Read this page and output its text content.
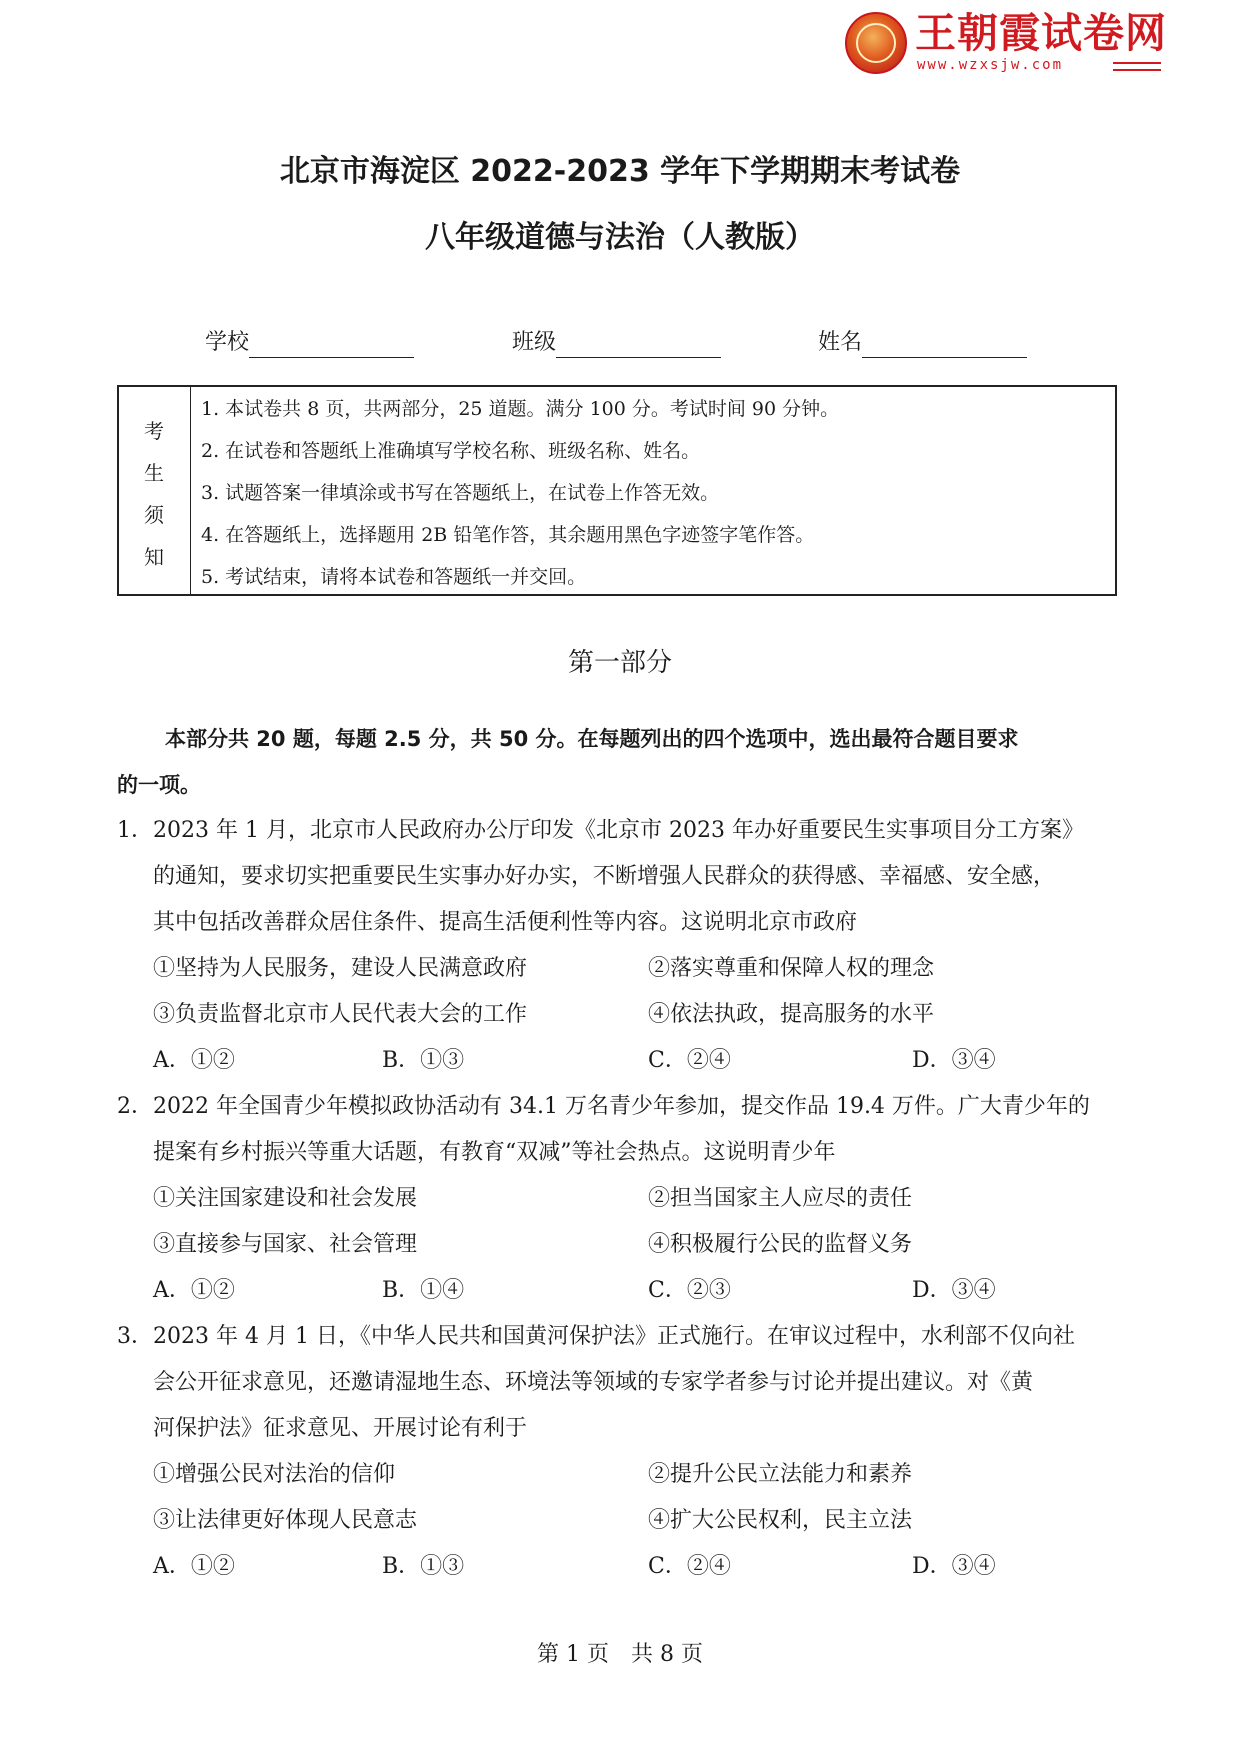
王朝霞试卷网
www.wzxsjw.com
北京市海淀区 2022-2023 学年下学期期末考试卷
八年级道德与法治（人教版）
学校	班级	姓名
考
生
须
知
1. 本试卷共 8 页，共两部分，25 道题。满分 100 分。考试时间 90 分钟。
2. 在试卷和答题纸上准确填写学校名称、班级名称、姓名。
3. 试题答案一律填涂或书写在答题纸上，在试卷上作答无效。
4. 在答题纸上，选择题用 2B 铅笔作答，其余题用黑色字迹签字笔作答。
5. 考试结束，请将本试卷和答题纸一并交回。
第一部分
本部分共 20 题，每题 2.5 分，共 50 分。在每题列出的四个选项中，选出最符合题目要求
的一项。
1． 2023 年 1 月，北京市人民政府办公厅印发《北京市 2023 年办好重要民生实事项目分工方案》
的通知，要求切实把重要民生实事办好办实，不断增强人民群众的获得感、幸福感、安全感，
其中包括改善群众居住条件、提高生活便利性等内容。这说明北京市政府
①坚持为人民服务，建设人民满意政府	②落实尊重和保障人权的理念
③负责监督北京市人民代表大会的工作	④依法执政，提高服务的水平
A．①②	B．①③	C．②④	D．③④
2． 2022 年全国青少年模拟政协活动有 34.1 万名青少年参加，提交作品 19.4 万件。广大青少年的
提案有乡村振兴等重大话题，有教育“双减”等社会热点。这说明青少年
①关注国家建设和社会发展	②担当国家主人应尽的责任
③直接参与国家、社会管理	④积极履行公民的监督义务
A．①②	B．①④	C．②③	D．③④
3． 2023 年 4 月 1 日，《中华人民共和国黄河保护法》正式施行。在审议过程中，水利部不仅向社
会公开征求意见，还邀请湿地生态、环境法等领域的专家学者参与讨论并提出建议。对《黄
河保护法》征求意见、开展讨论有利于
①增强公民对法治的信仰	②提升公民立法能力和素养
③让法律更好体现人民意志	④扩大公民权利，民主立法
A．①②	B．①③	C．②④	D．③④
第 1 页　共 8 页
